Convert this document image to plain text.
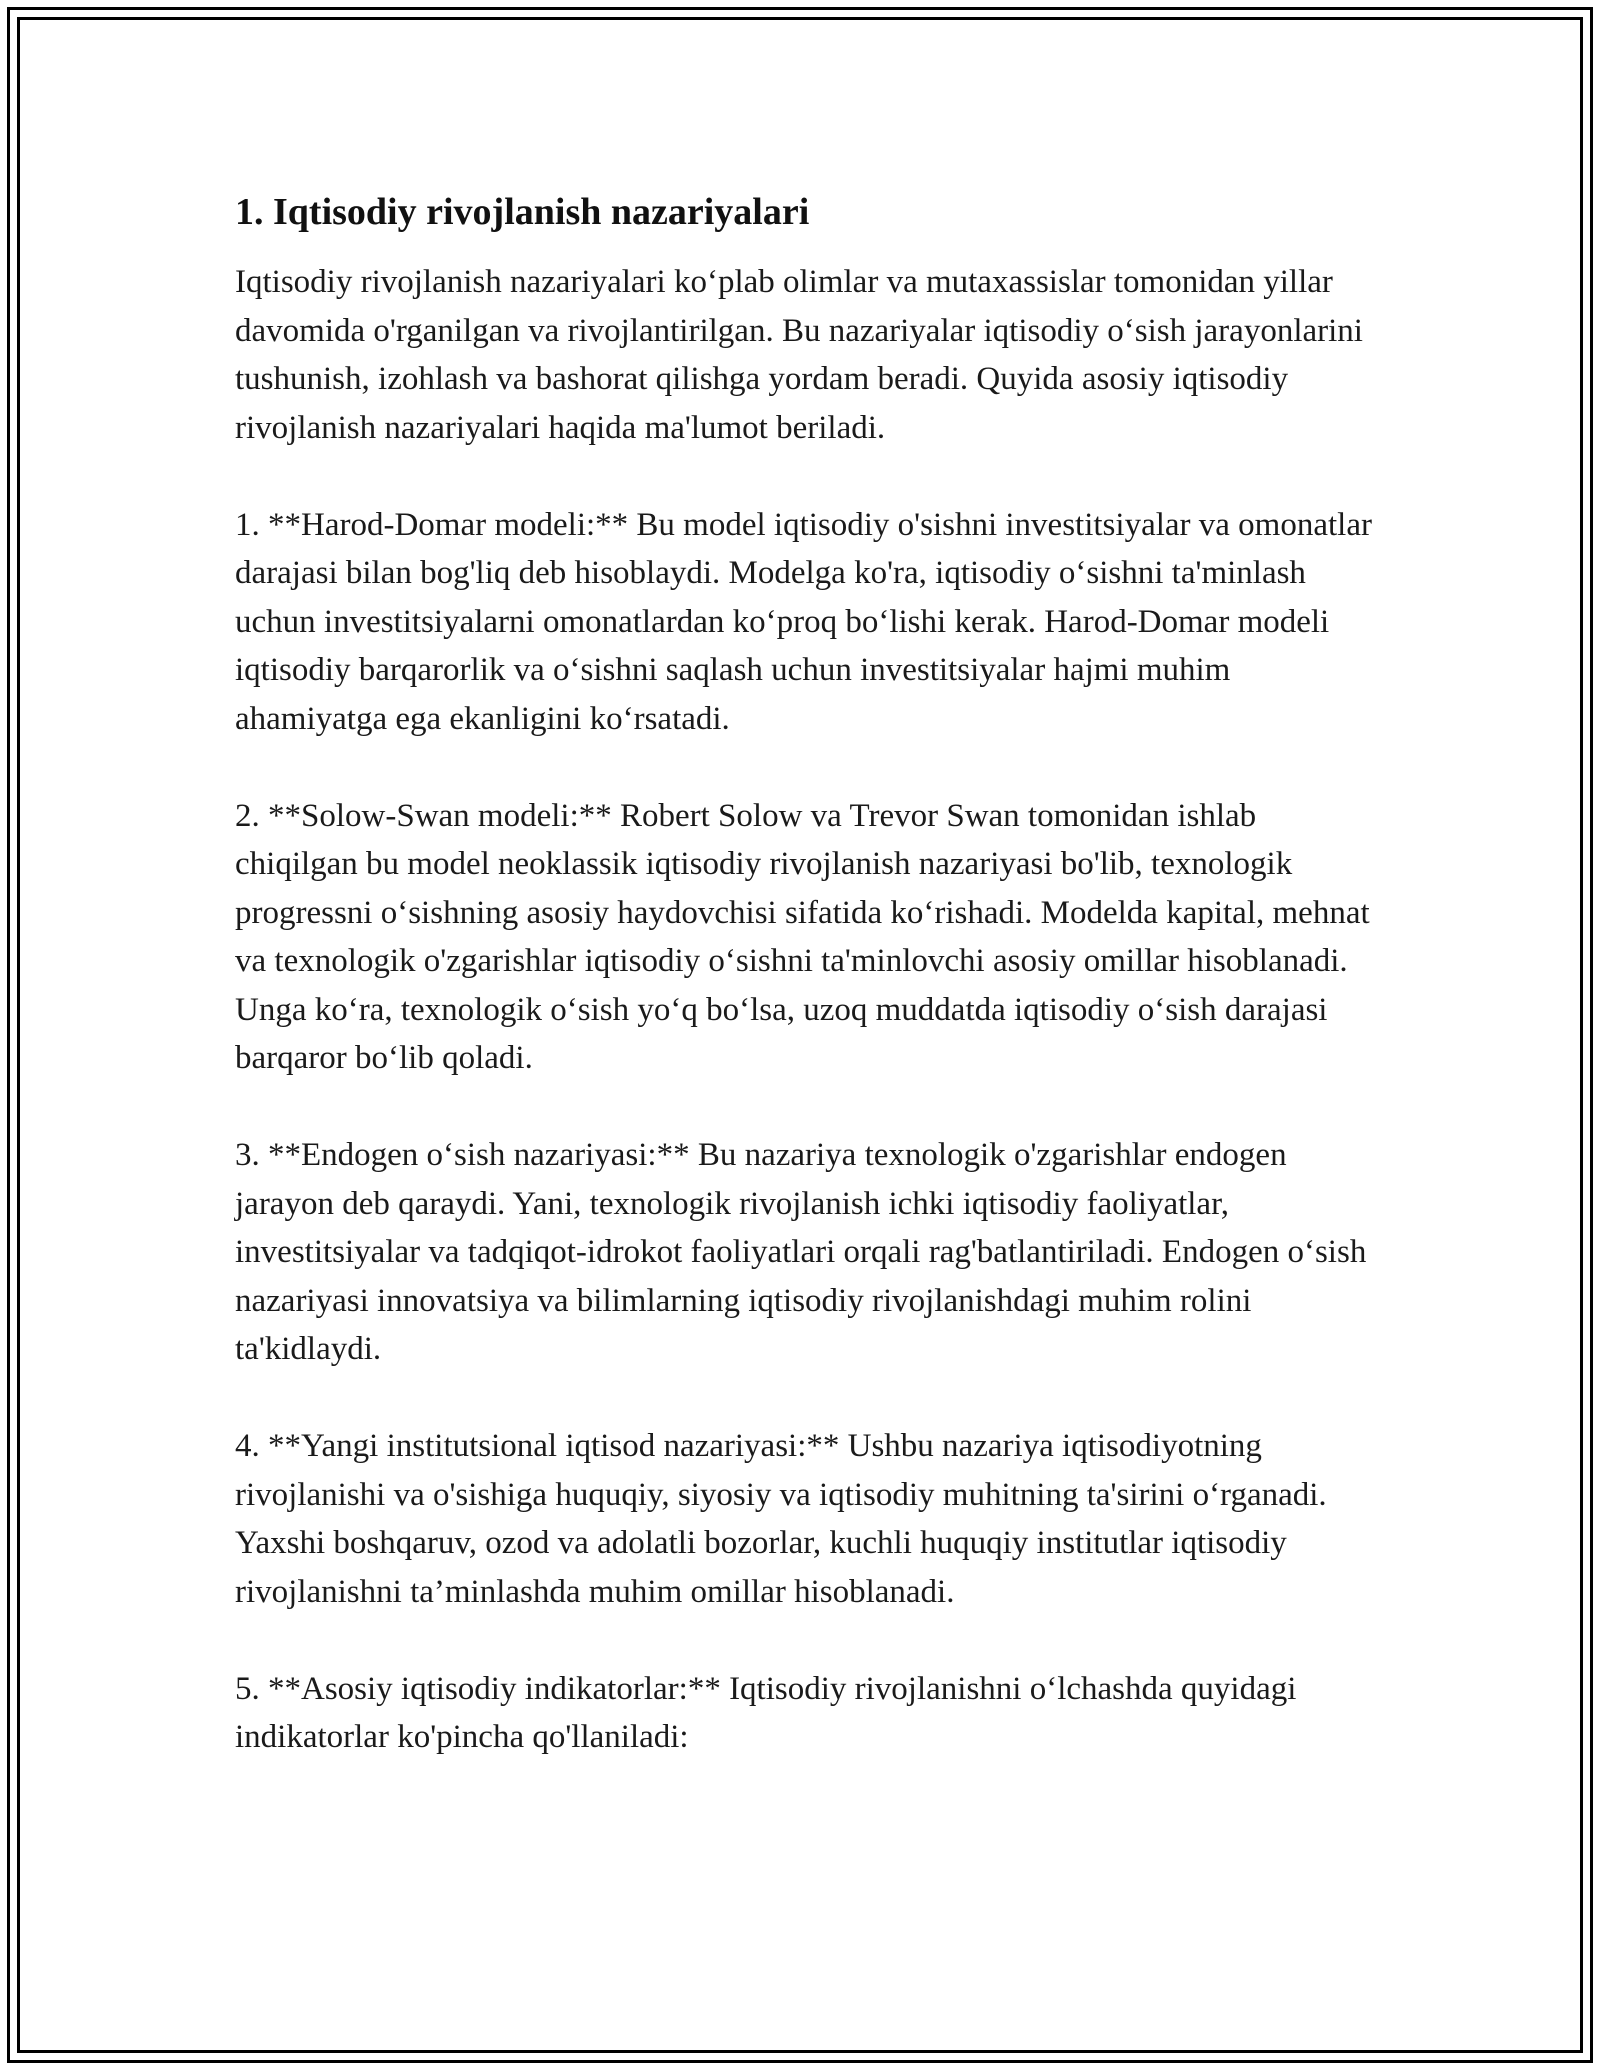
1. Iqtisodiy rivojlanish nazariyalari

Iqtisodiy rivojlanish nazariyalari ko‘plab olimlar va mutaxassislar tomonidan yillar davomida o'rganilgan va rivojlantirilgan. Bu nazariyalar iqtisodiy o‘sish jarayonlarini tushunish, izohlash va bashorat qilishga yordam beradi. Quyida asosiy iqtisodiy rivojlanish nazariyalari haqida ma'lumot beriladi.

1. **Harod-Domar modeli:** Bu model iqtisodiy o'sishni investitsiyalar va omonatlar darajasi bilan bog'liq deb hisoblaydi. Modelga ko'ra, iqtisodiy o‘sishni ta'minlash uchun investitsiyalarni omonatlardan ko‘proq bo‘lishi kerak. Harod-Domar modeli iqtisodiy barqarorlik va o‘sishni saqlash uchun investitsiyalar hajmi muhim ahamiyatga ega ekanligini ko‘rsatadi.

2. **Solow-Swan modeli:** Robert Solow va Trevor Swan tomonidan ishlab chiqilgan bu model neoklassik iqtisodiy rivojlanish nazariyasi bo'lib, texnologik progressni o‘sishning asosiy haydovchisi sifatida ko‘rishadi. Modelda kapital, mehnat va texnologik o'zgarishlar iqtisodiy o‘sishni ta'minlovchi asosiy omillar hisoblanadi. Unga ko‘ra, texnologik o‘sish yo‘q bo‘lsa, uzoq muddatda iqtisodiy o‘sish darajasi barqaror bo‘lib qoladi.

3. **Endogen o‘sish nazariyasi:** Bu nazariya texnologik o'zgarishlar endogen jarayon deb qaraydi. Yani, texnologik rivojlanish ichki iqtisodiy faoliyatlar, investitsiyalar va tadqiqot-idrokot faoliyatlari orqali rag'batlantiriladi. Endogen o‘sish nazariyasi innovatsiya va bilimlarning iqtisodiy rivojlanishdagi muhim rolini ta'kidlaydi.

4. **Yangi institutsional iqtisod nazariyasi:** Ushbu nazariya iqtisodiyotning rivojlanishi va o'sishiga huquqiy, siyosiy va iqtisodiy muhitning ta'sirini o‘rganadi. Yaxshi boshqaruv, ozod va adolatli bozorlar, kuchli huquqiy institutlar iqtisodiy rivojlanishni ta’minlashda muhim omillar hisoblanadi.

5. **Asosiy iqtisodiy indikatorlar:** Iqtisodiy rivojlanishni o‘lchashda quyidagi indikatorlar ko'pincha qo'llaniladi:
